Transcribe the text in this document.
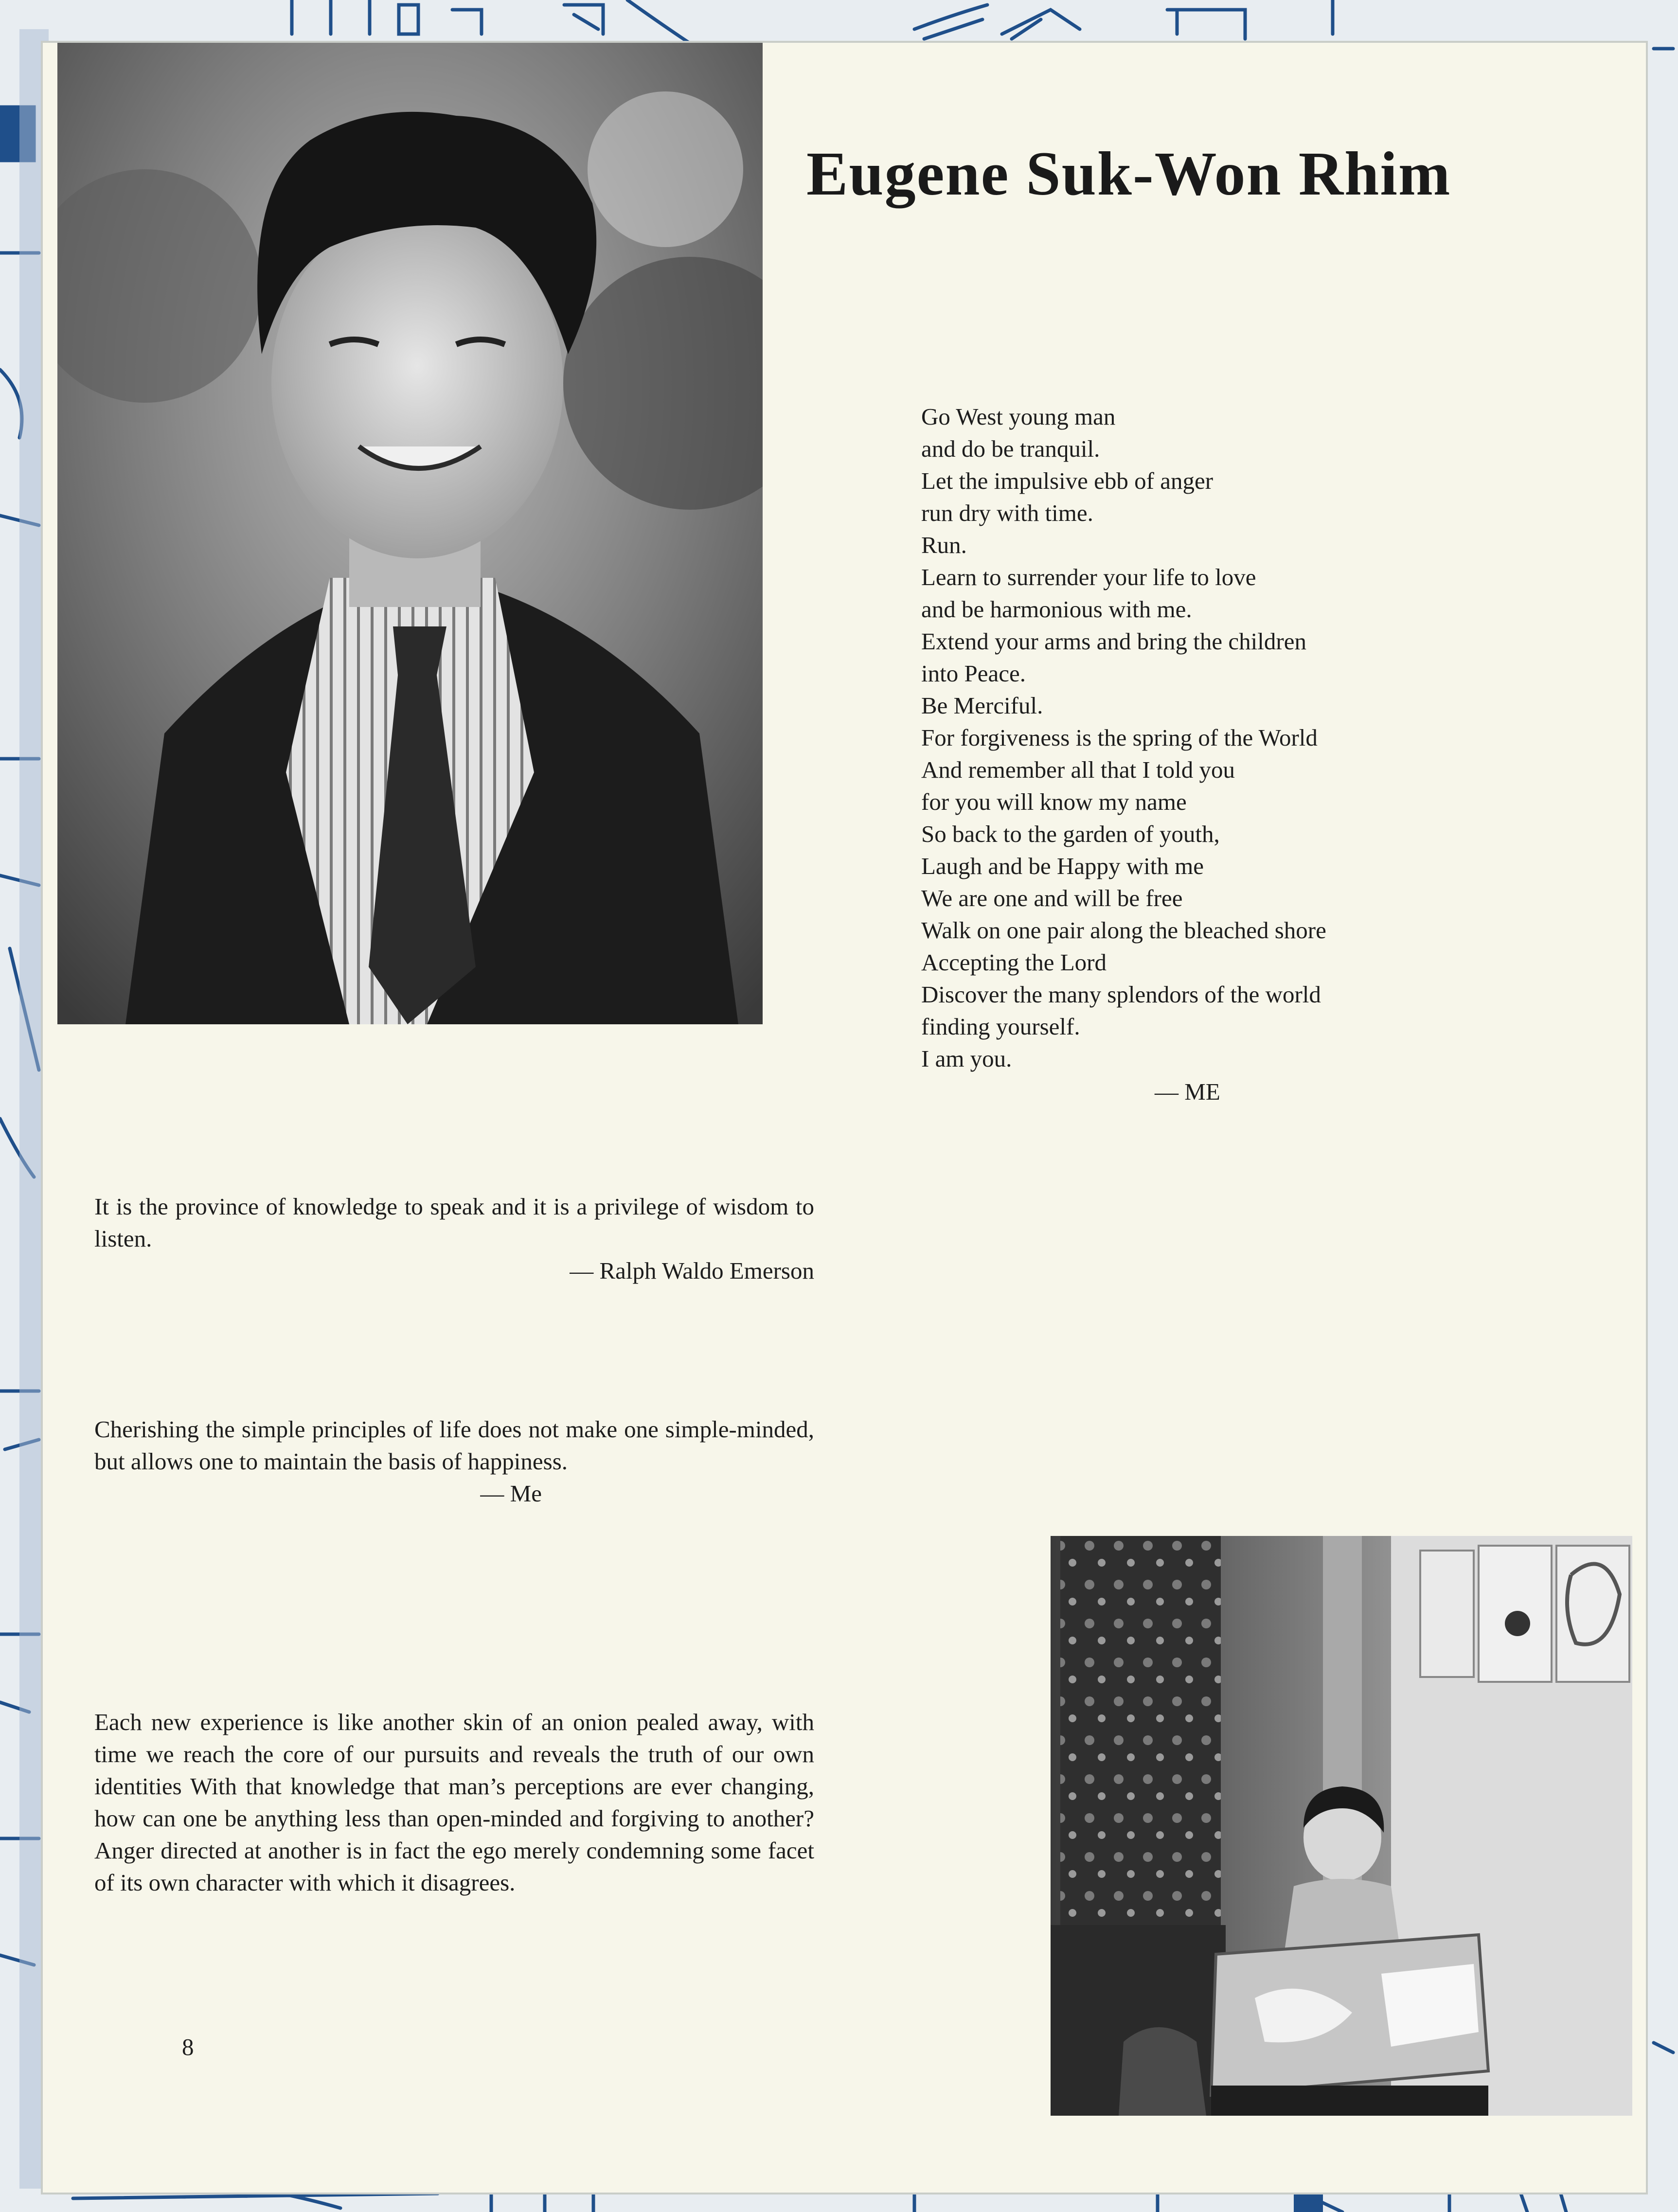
Eugene Suk-Won Rhim
Go West young man
and do be tranquil.
Let the impulsive ebb of anger
run dry with time.
Run.
Learn to surrender your life to love
and be harmonious with me.
Extend your arms and bring the children
into Peace.
Be Merciful.
For forgiveness is the spring of the World
And remember all that I told you
for you will know my name
So back to the garden of youth,
Laugh and be Happy with me
We are one and will be free
Walk on one pair along the bleached shore
Accepting the Lord
Discover the many splendors of the world
finding yourself.
I am you.
— ME
It is the province of knowledge to speak and it is a privilege of wisdom to listen.
— Ralph Waldo Emerson
Cherishing the simple principles of life does not make one simple-minded, but allows one to maintain the basis of happiness.
— Me
Each new experience is like another skin of an onion pealed away, with time we reach the core of our pursuits and reveals the truth of our own identities With that knowledge that man’s perceptions are ever changing, how can one be anything less than open-minded and forgiving to another? Anger directed at another is in fact the ego merely condemning some facet of its own character with which it disagrees.
8
